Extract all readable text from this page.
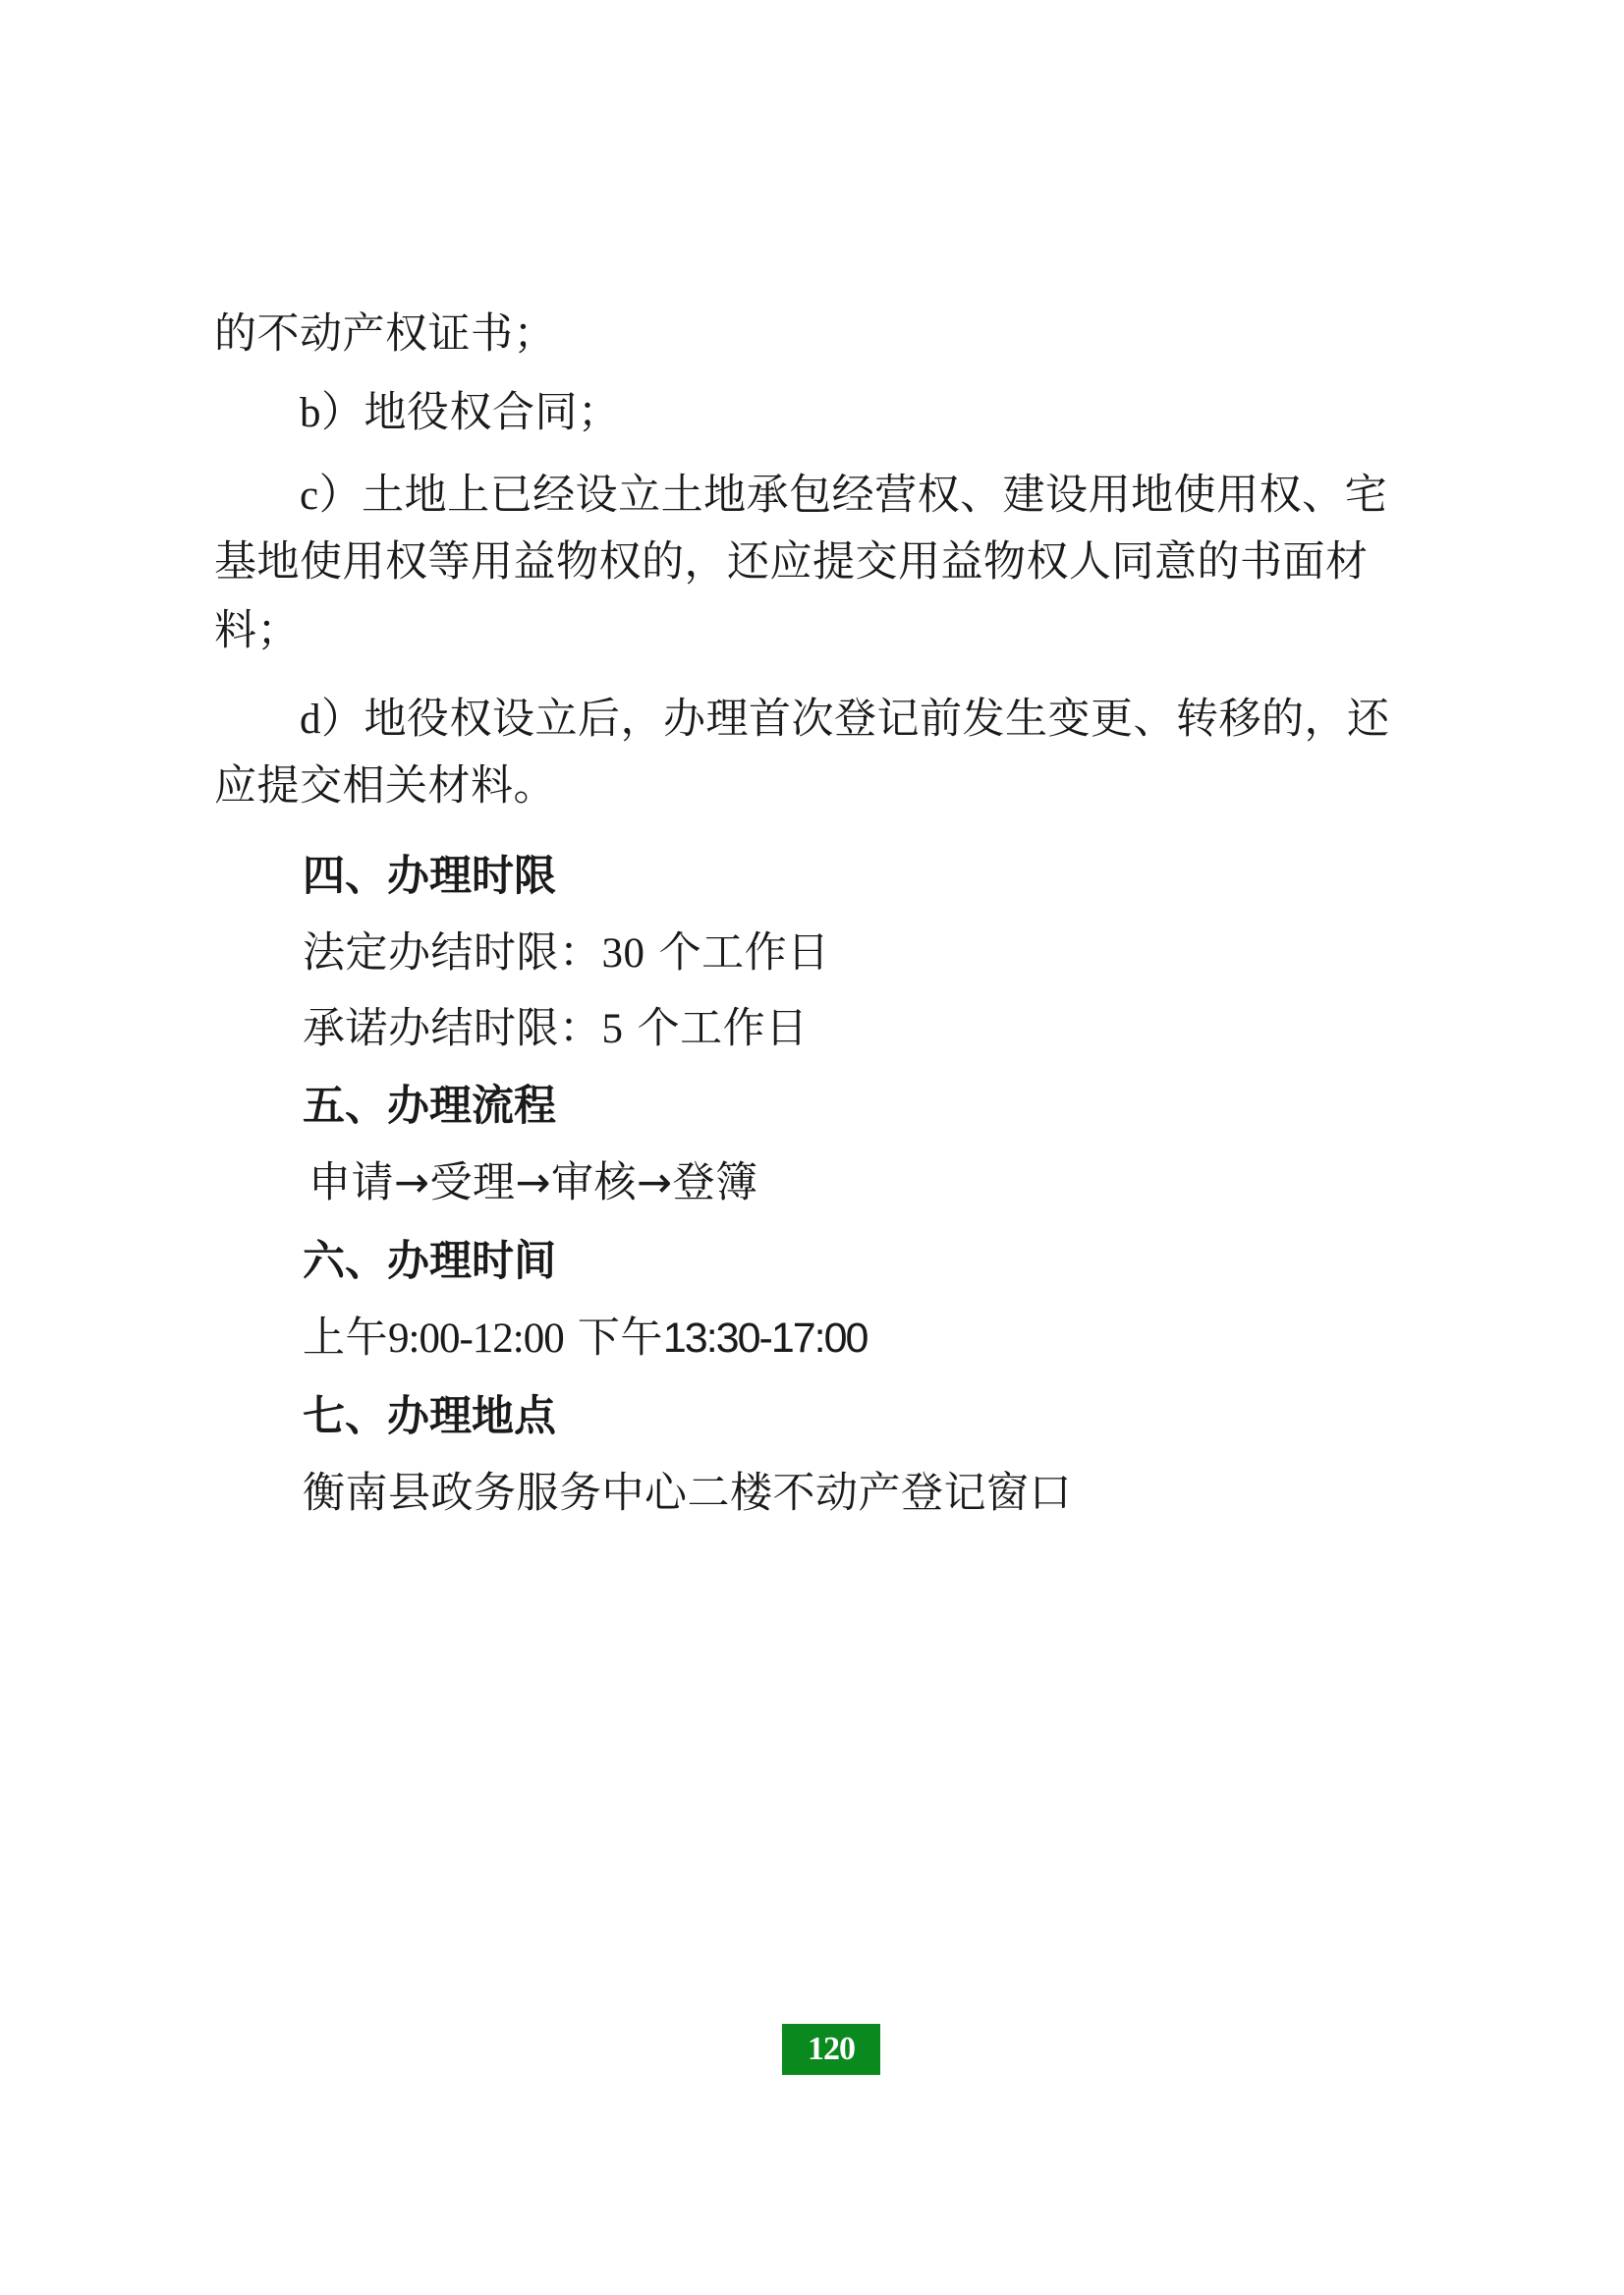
的不动产权证书；
b）地役权合同；
c）土地上已经设立土地承包经营权、建设用地使用权、宅
基地使用权等用益物权的，还应提交用益物权人同意的书面材
料；
d）地役权设立后，办理首次登记前发生变更、转移的，还
应提交相关材料。
四、办理时限
法定办结时限：30 个工作日
承诺办结时限：5 个工作日
五、办理流程
申请→受理→审核→登簿
六、办理时间
上午9:00-12:00 下午13:30-17:00
七、办理地点
衡南县政务服务中心二楼不动产登记窗口
120
